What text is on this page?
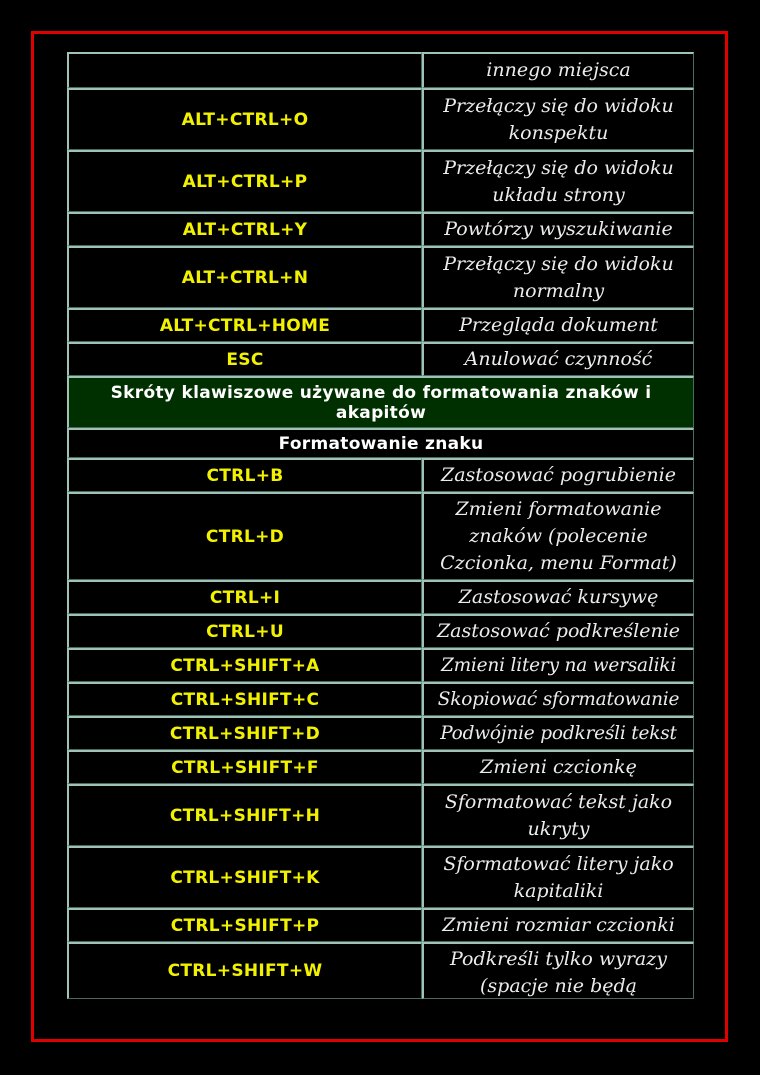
	innego miejsca
ALT+CTRL+O	Przełączy się do widoku konspektu
ALT+CTRL+P	Przełączy się do widoku układu strony
ALT+CTRL+Y	Powtórzy wyszukiwanie
ALT+CTRL+N	Przełączy się do widoku normalny
ALT+CTRL+HOME	Przegląda dokument
ESC	Anulować czynność
Skróty klawiszowe używane do formatowania znaków i akapitów	
Formatowanie znaku	
CTRL+B	Zastosować pogrubienie
CTRL+D	Zmieni formatowanie znaków (polecenie Czcionka, menu Format)
CTRL+I	Zastosować kursywę
CTRL+U	Zastosować podkreślenie
CTRL+SHIFT+A	Zmieni litery na wersaliki
CTRL+SHIFT+C	Skopiować sformatowanie
CTRL+SHIFT+D	Podwójnie podkreśli tekst
CTRL+SHIFT+F	Zmieni czcionkę
CTRL+SHIFT+H	Sformatować tekst jako ukryty
CTRL+SHIFT+K	Sformatować litery jako kapitaliki
CTRL+SHIFT+P	Zmieni rozmiar czcionki
CTRL+SHIFT+W	Podkreśli tylko wyrazy (spacje nie będą
